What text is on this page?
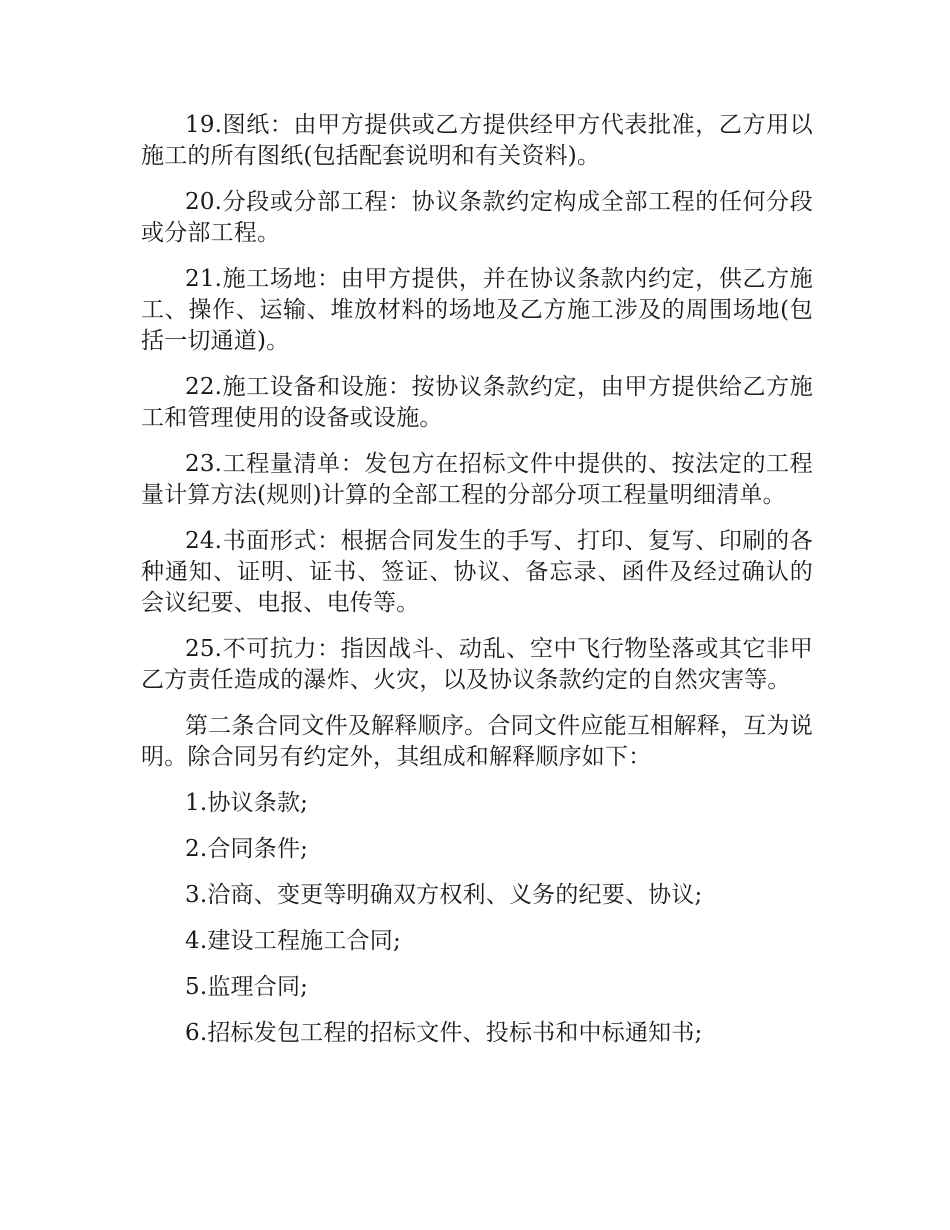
19.图纸：由甲方提供或乙方提供经甲方代表批准，乙方用以施工的所有图纸(包括配套说明和有关资料)。

20.分段或分部工程：协议条款约定构成全部工程的任何分段或分部工程。

21.施工场地：由甲方提供，并在协议条款内约定，供乙方施工、操作、运输、堆放材料的场地及乙方施工涉及的周围场地(包括一切通道)。

22.施工设备和设施：按协议条款约定，由甲方提供给乙方施工和管理使用的设备或设施。

23.工程量清单：发包方在招标文件中提供的、按法定的工程量计算方法(规则)计算的全部工程的分部分项工程量明细清单。

24.书面形式：根据合同发生的手写、打印、复写、印刷的各种通知、证明、证书、签证、协议、备忘录、函件及经过确认的会议纪要、电报、电传等。

25.不可抗力：指因战斗、动乱、空中飞行物坠落或其它非甲乙方责任造成的瀑炸、火灾，以及协议条款约定的自然灾害等。

第二条合同文件及解释顺序。合同文件应能互相解释，互为说明。除合同另有约定外，其组成和解释顺序如下：

1.协议条款;

2.合同条件;

3.洽商、变更等明确双方权利、义务的纪要、协议;

4.建设工程施工合同;

5.监理合同;

6.招标发包工程的招标文件、投标书和中标通知书;
